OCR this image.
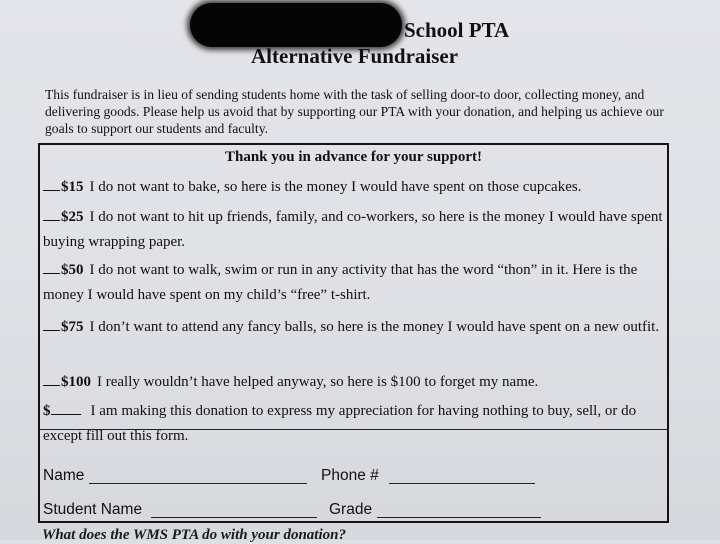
School PTA
Alternative Fundraiser
This fundraiser is in lieu of sending students home with the task of selling door-to door, collecting money, and delivering goods. Please help us avoid that by supporting our PTA with your donation, and helping us achieve our goals to support our students and faculty.
Thank you in advance for your support!
$15 I do not want to bake, so here is the money I would have spent on those cupcakes.
$25 I do not want to hit up friends, family, and co-workers, so here is the money I would have spent buying wrapping paper.
$50 I do not want to walk, swim or run in any activity that has the word “thon” in it. Here is the money I would have spent on my child’s “free” t-shirt.
$75 I don’t want to attend any fancy balls, so here is the money I would have spent on a new outfit.
$100 I really wouldn’t have helped anyway, so here is $100 to forget my name.
$	I am making this donation to express my appreciation for having nothing to buy, sell, or do except fill out this form.
Name	Phone #
Student Name	Grade
What does the WMS PTA do with your donation?
